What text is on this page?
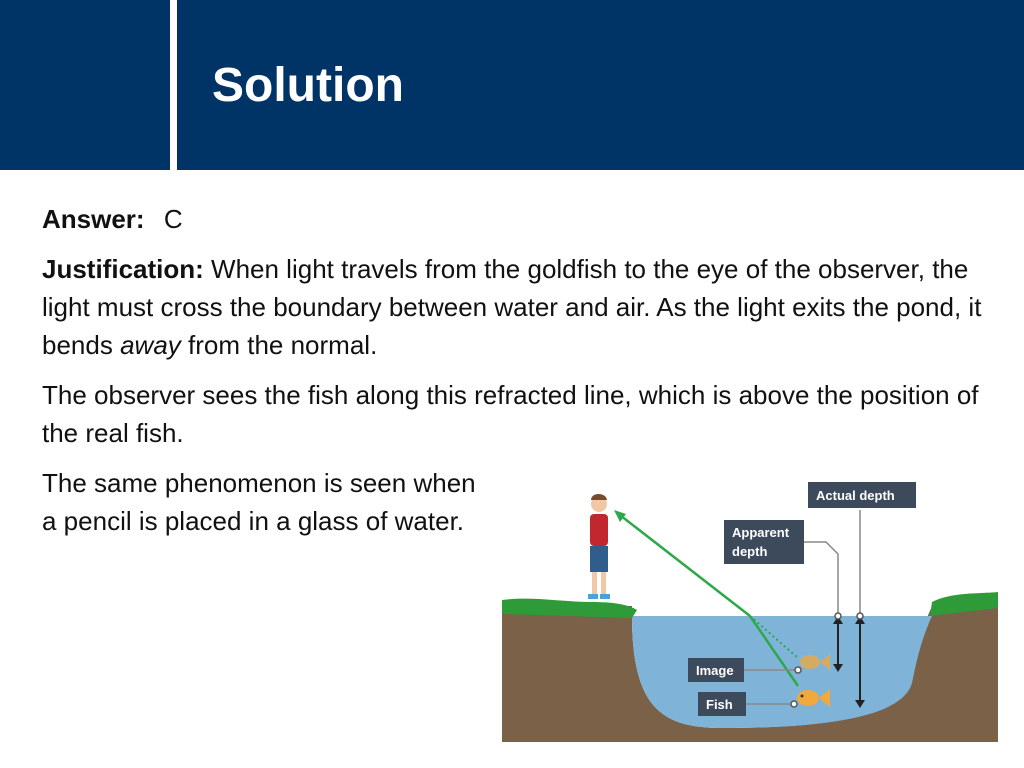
Solution

Answer: C

Justification: When light travels from the goldfish to the eye of the observer, the light must cross the boundary between water and air. As the light exits the pond, it bends away from the normal.

The observer sees the fish along this refracted line, which is above the position of the real fish.

The same phenomenon is seen when a pencil is placed in a glass of water.

Actual depth
Apparent
depth
Image
Fish
